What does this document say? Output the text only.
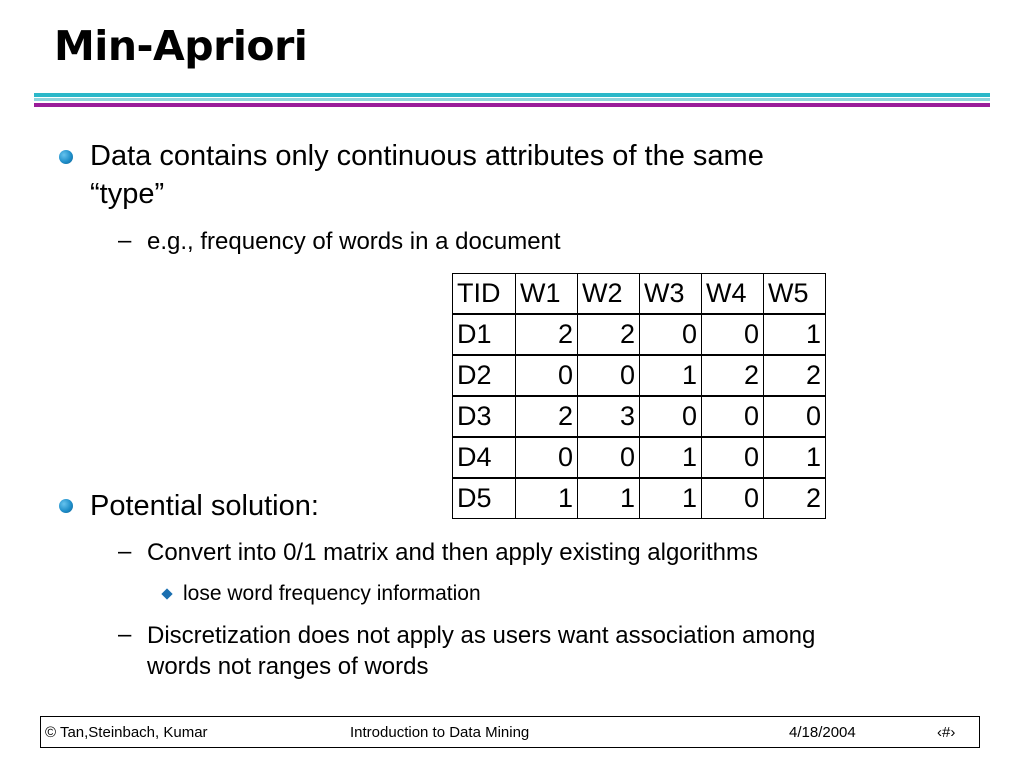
Min-Apriori
Data contains only continuous attributes of the same
“type”
– e.g., frequency of words in a document
TID	W1	W2	W3	W4	W5
D1	2	2	0	0	1
D2	0	0	1	2	2
D3	2	3	0	0	0
D4	0	0	1	0	1
D5	1	1	1	0	2
Potential solution:
– Convert into 0/1 matrix and then apply existing algorithms
lose word frequency information
– Discretization does not apply as users want association among
words not ranges of words
© Tan,Steinbach, Kumar	Introduction to Data Mining	4/18/2004	‹#›
